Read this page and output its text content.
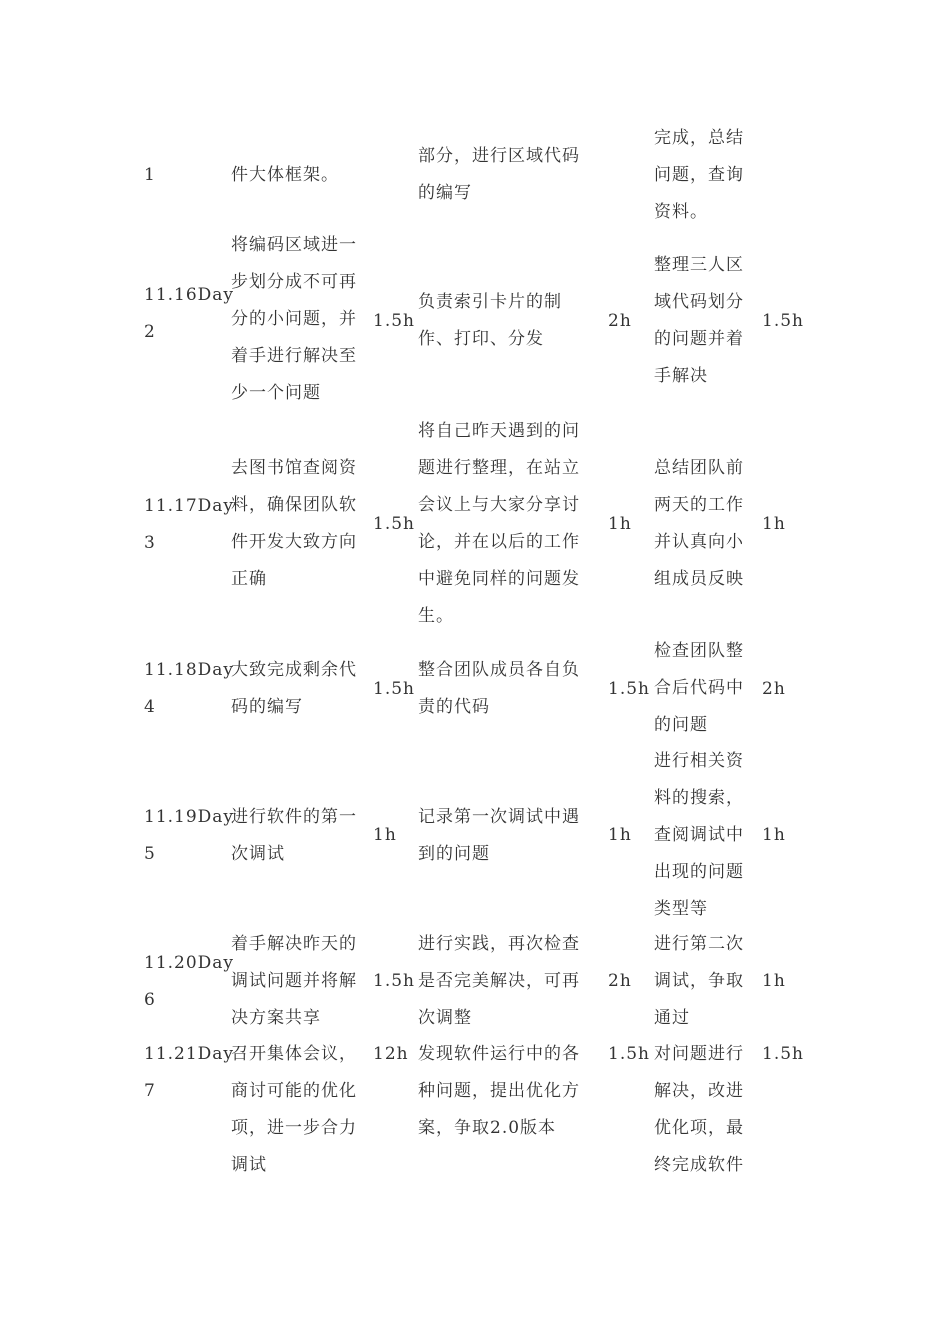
1	件大体框架。
部分，进行区域代码
的编写
完成，总结
问题，查询
资料。
11.16Day
2
将编码区域进一
步划分成不可再
分的小问题，并
着手进行解决至
少一个问题
1.5h
负责索引卡片的制
作、打印、分发
2h
整理三人区
域代码划分
的问题并着
手解决
1.5h
11.17Day
3
去图书馆查阅资
料，确保团队软
件开发大致方向
正确
1.5h
将自己昨天遇到的问
题进行整理，在站立
会议上与大家分享讨
论，并在以后的工作
中避免同样的问题发
生。
1h
总结团队前
两天的工作
并认真向小
组成员反映
1h
11.18Day
4
大致完成剩余代
码的编写
1.5h
整合团队成员各自负
责的代码
1.5h
检查团队整
合后代码中
的问题
2h
11.19Day
5
进行软件的第一
次调试
1h
记录第一次调试中遇
到的问题
1h
进行相关资
料的搜索，
查阅调试中
出现的问题
类型等
1h
11.20Day
6
着手解决昨天的
调试问题并将解
决方案共享
1.5h
进行实践，再次检查
是否完美解决，可再
次调整
2h
进行第二次
调试，争取
通过
1h
11.21Day
7
召开集体会议，
商讨可能的优化
项，进一步合力
调试
12h 发现软件运行中的各
种问题，提出优化方
案，争取2.0版本
1.5h 对问题进行
解决，改进
优化项，最
终完成软件
1.5h
